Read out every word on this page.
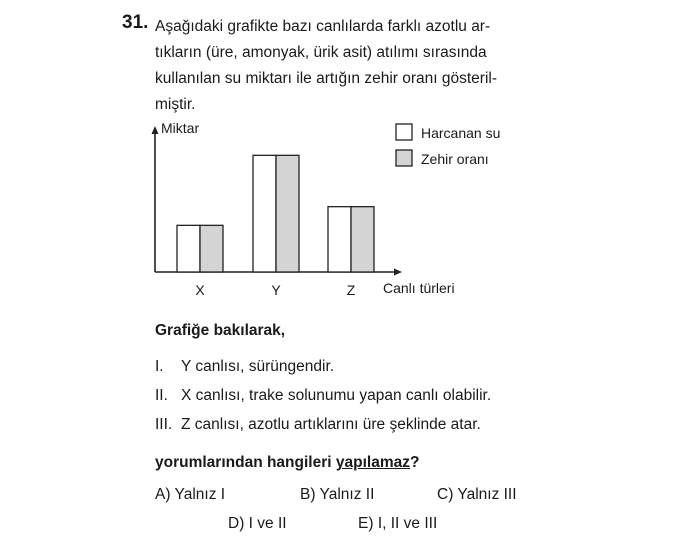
31. Aşağıdaki grafikte bazı canlılarda farklı azotlu ar-
tıkların (üre, amonyak, ürik asit) atılımı sırasında
kullanılan su miktarı ile artığın zehir oranı gösteril-
miştir.
Miktar
Canlı türleri
X	Y	Z
Harcanan su
Zehir oranı
Grafiğe bakılarak,
I. Y canlısı, sürüngendir.
II. X canlısı, trake solunumu yapan canlı olabilir.
III. Z canlısı, azotlu artıklarını üre şeklinde atar.
yorumlarından hangileri yapılamaz?
A) Yalnız I	B) Yalnız II	C) Yalnız III
D) I ve II	E) I, II ve III
